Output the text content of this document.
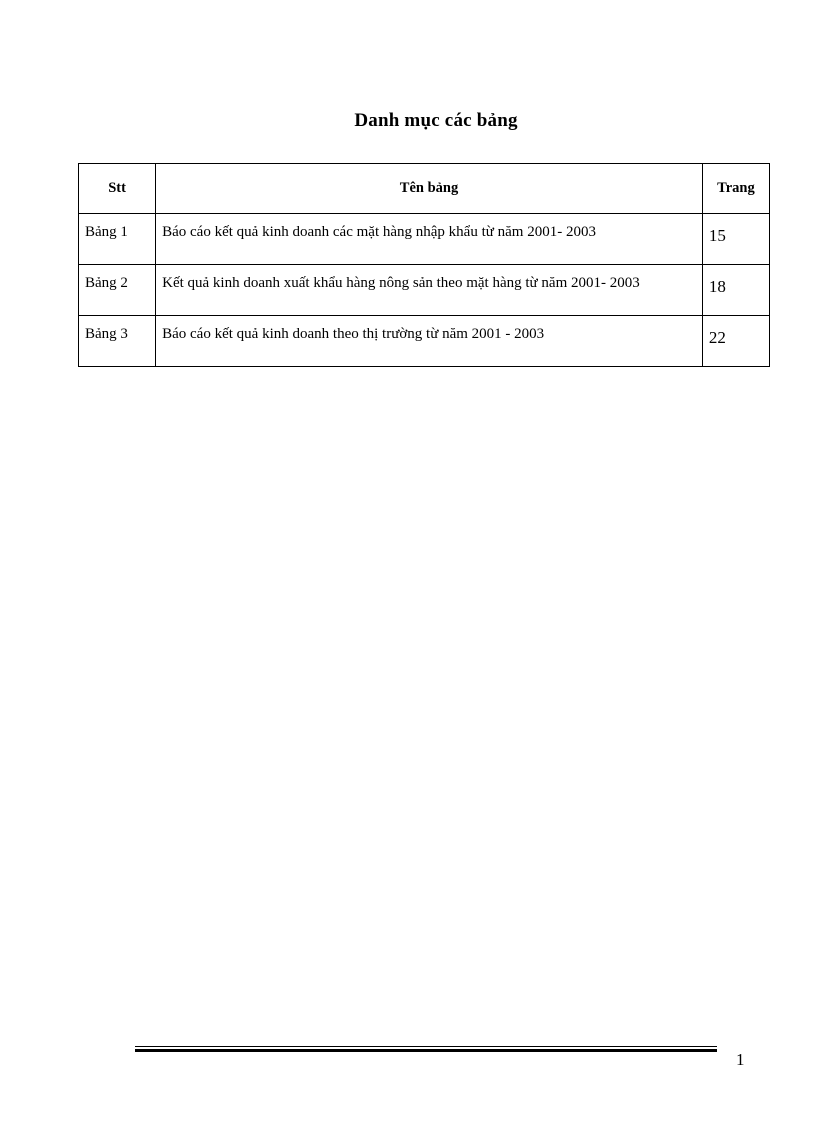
Danh mục các bảng
Stt	Tên bảng	Trang
Bảng 1	Báo cáo kết quả kinh doanh các mặt hàng nhập khẩu từ năm 2001- 2003	15
Bảng 2	Kết quả kinh doanh xuất khẩu hàng nông sản theo mặt hàng từ năm 2001- 2003	18
Bảng 3	Báo cáo kết quả kinh doanh theo thị trường từ năm 2001 - 2003	22
1
